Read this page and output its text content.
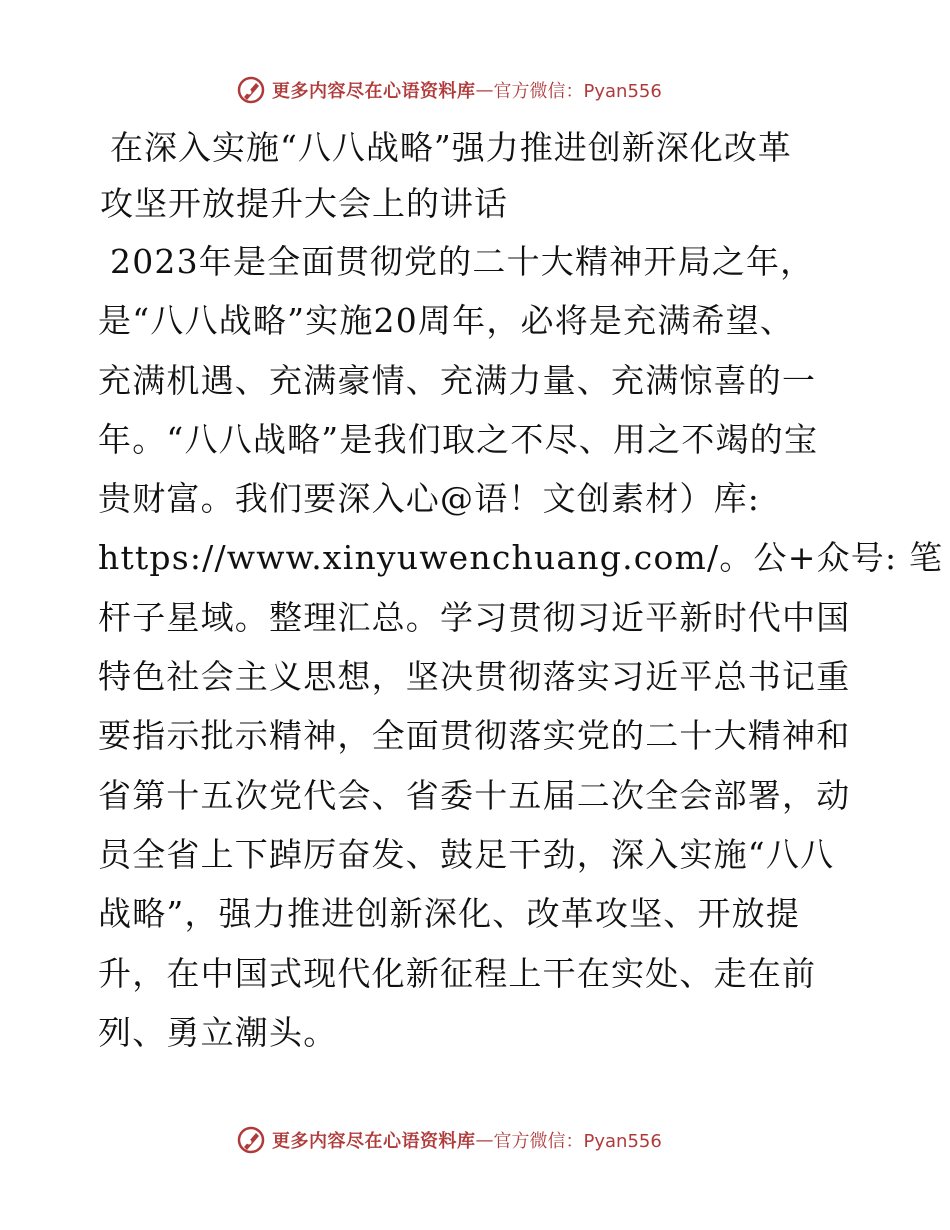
更多内容尽在心语资料库 — 官方微信：Pyan556
在深入实施“八八战略”强力推进创新深化改革
攻坚开放提升大会上的讲话
2023年是全面贯彻党的二十大精神开局之年，
是“八八战略”实施20周年，必将是充满希望、
充满机遇、充满豪情、充满力量、充满惊喜的一
年。“八八战略”是我们取之不尽、用之不竭的宝
贵财富。我们要深入心@语！文创素材）库:
https://www.xinyuwenchuang.com/。公+众号: 笔
杆子星域。整理汇总。学习贯彻习近平新时代中国
特色社会主义思想，坚决贯彻落实习近平总书记重
要指示批示精神，全面贯彻落实党的二十大精神和
省第十五次党代会、省委十五届二次全会部署，动
员全省上下踔厉奋发、鼓足干劲，深入实施“八八
战略”，强力推进创新深化、改革攻坚、开放提
升，在中国式现代化新征程上干在实处、走在前
列、勇立潮头。
更多内容尽在心语资料库 — 官方微信：Pyan556
